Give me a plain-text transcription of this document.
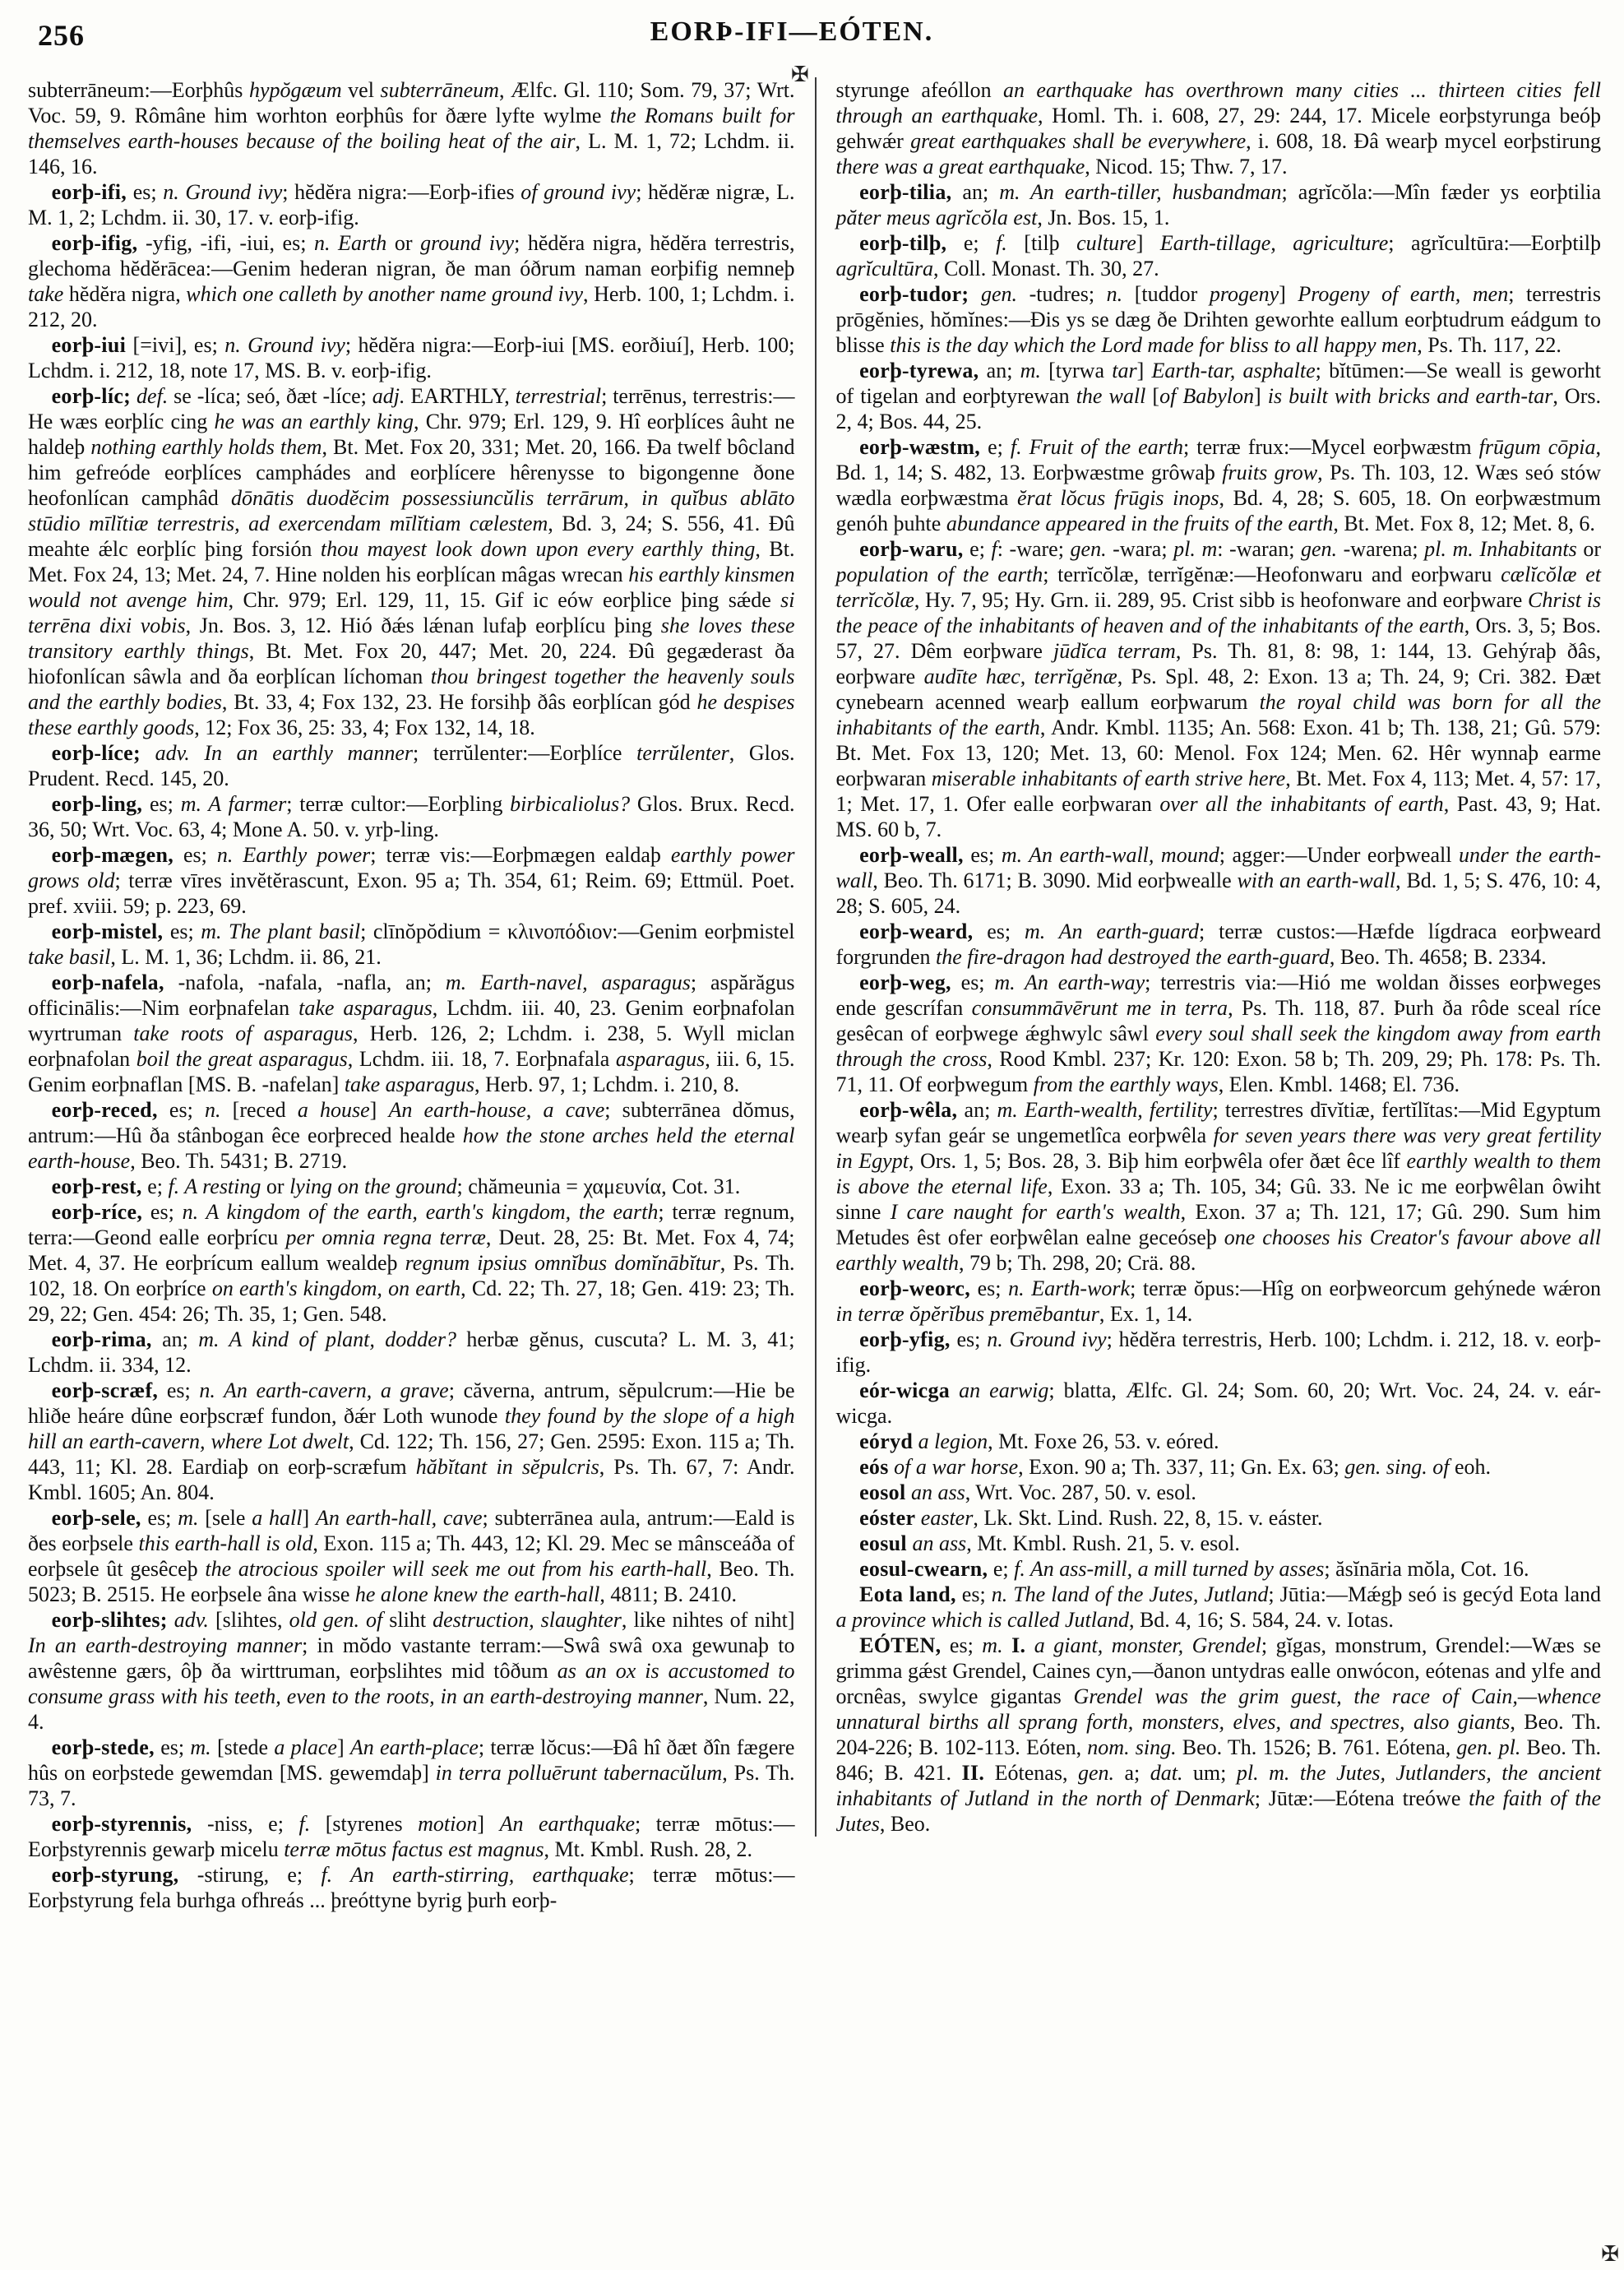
256	EORÞ-IFI—EÓTEN.
✠

subterrāneum:—Eorþhûs hypŏgæum vel subterrāneum, Ælfc. Gl. 110; Som. 79, 37; Wrt. Voc. 59, 9. Rômâne him worhton eorþhûs for ðære lyfte wylme the Romans built for themselves earth-houses because of the boiling heat of the air, L. M. 1, 72; Lchdm. ii. 146, 16.

eorþ-ifi, es; n. Ground ivy; hĕdĕra nigra:—Eorþ-ifies of ground ivy; hĕdĕræ nigræ, L. M. 1, 2; Lchdm. ii. 30, 17. v. eorþ-ifig.

eorþ-ifig, -yfig, -ifi, -iui, es; n. Earth or ground ivy; hĕdĕra nigra, hĕdĕra terrestris, glechoma hĕdĕrācea:—Genim hederan nigran, ðe man óðrum naman eorþifig nemneþ take hĕdĕra nigra, which one calleth by another name ground ivy, Herb. 100, 1; Lchdm. i. 212, 20.

eorþ-iui [=ivi], es; n. Ground ivy; hĕdĕra nigra:—Eorþ-iui [MS. eorðiuí], Herb. 100; Lchdm. i. 212, 18, note 17, MS. B. v. eorþ-ifig.

eorþ-líc; def. se -líca; seó, ðæt -líce; adj. EARTHLY, terrestrial; terrēnus, terrestris:—He wæs eorþlíc cing he was an earthly king, Chr. 979; Erl. 129, 9. Hî eorþlíces âuht ne haldeþ nothing earthly holds them, Bt. Met. Fox 20, 331; Met. 20, 166. Ða twelf bôcland him gefreóde eorþlíces camphádes and eorþlícere hêrenysse to bigongenne ðone heofonlícan camphâd dōnātis duodĕcim possessiuncŭlis terrārum, in quĭbus ablāto stūdio mīlĭtiæ terrestris, ad exercendam mīlĭtiam cælestem, Bd. 3, 24; S. 556, 41. Ðû meahte ǽlc eorþlíc þing forsión thou mayest look down upon every earthly thing, Bt. Met. Fox 24, 13; Met. 24, 7. Hine nolden his eorþlícan mâgas wrecan his earthly kinsmen would not avenge him, Chr. 979; Erl. 129, 11, 15. Gif ic eów eorþlice þing sǽde si terrēna dixi vobis, Jn. Bos. 3, 12. Hió ðǽs lǽnan lufaþ eorþlícu þing she loves these transitory earthly things, Bt. Met. Fox 20, 447; Met. 20, 224. Ðû gegæderast ða hiofonlícan sâwla and ða eorþlícan líchoman thou bringest together the heavenly souls and the earthly bodies, Bt. 33, 4; Fox 132, 23. He forsihþ ðâs eorþlícan gód he despises these earthly goods, 12; Fox 36, 25: 33, 4; Fox 132, 14, 18.

eorþ-líce; adv. In an earthly manner; terrŭlenter:—Eorþlíce terrŭlenter, Glos. Prudent. Recd. 145, 20.

eorþ-ling, es; m. A farmer; terræ cultor:—Eorþling birbicaliolus? Glos. Brux. Recd. 36, 50; Wrt. Voc. 63, 4; Mone A. 50. v. yrþ-ling.

eorþ-mægen, es; n. Earthly power; terræ vis:—Eorþmægen ealdaþ earthly power grows old; terræ vīres invĕtĕrascunt, Exon. 95 a; Th. 354, 61; Reim. 69; Ettmül. Poet. pref. xviii. 59; p. 223, 69.

eorþ-mistel, es; m. The plant basil; clīnŏpŏdium = κλινοπόδιον:—Genim eorþmistel take basil, L. M. 1, 36; Lchdm. ii. 86, 21.

eorþ-nafela, -nafola, -nafala, -nafla, an; m. Earth-navel, asparagus; aspărăgus officinālis:—Nim eorþnafelan take asparagus, Lchdm. iii. 40, 23. Genim eorþnafolan wyrtruman take roots of asparagus, Herb. 126, 2; Lchdm. i. 238, 5. Wyll miclan eorþnafolan boil the great asparagus, Lchdm. iii. 18, 7. Eorþnafala asparagus, iii. 6, 15. Genim eorþnaflan [MS. B. -nafelan] take asparagus, Herb. 97, 1; Lchdm. i. 210, 8.

eorþ-reced, es; n. [reced a house] An earth-house, a cave; subterrānea dŏmus, antrum:—Hû ða stânbogan êce eorþreced healde how the stone arches held the eternal earth-house, Beo. Th. 5431; B. 2719.

eorþ-rest, e; f. A resting or lying on the ground; chămeunia = χαμευνία, Cot. 31.

eorþ-ríce, es; n. A kingdom of the earth, earth's kingdom, the earth; terræ regnum, terra:—Geond ealle eorþrícu per omnia regna terræ, Deut. 28, 25: Bt. Met. Fox 4, 74; Met. 4, 37. He eorþrícum eallum wealdeþ regnum ipsius omnĭbus domĭnābĭtur, Ps. Th. 102, 18. On eorþríce on earth's kingdom, on earth, Cd. 22; Th. 27, 18; Gen. 419: 23; Th. 29, 22; Gen. 454: 26; Th. 35, 1; Gen. 548.

eorþ-rima, an; m. A kind of plant, dodder? herbæ gĕnus, cuscuta? L. M. 3, 41; Lchdm. ii. 334, 12.

eorþ-scræf, es; n. An earth-cavern, a grave; căverna, antrum, sĕpulcrum:—Hie be hliðe heáre dûne eorþscræf fundon, ðǽr Loth wunode they found by the slope of a high hill an earth-cavern, where Lot dwelt, Cd. 122; Th. 156, 27; Gen. 2595: Exon. 115 a; Th. 443, 11; Kl. 28. Eardiaþ on eorþ-scræfum hăbĭtant in sĕpulcris, Ps. Th. 67, 7: Andr. Kmbl. 1605; An. 804.

eorþ-sele, es; m. [sele a hall] An earth-hall, cave; subterrānea aula, antrum:—Eald is ðes eorþsele this earth-hall is old, Exon. 115 a; Th. 443, 12; Kl. 29. Mec se mânsceáða of eorþsele ût gesêceþ the atrocious spoiler will seek me out from his earth-hall, Beo. Th. 5023; B. 2515. He eorþsele âna wisse he alone knew the earth-hall, 4811; B. 2410.

eorþ-slihtes; adv. [slihtes, old gen. of sliht destruction, slaughter, like nihtes of niht] In an earth-destroying manner; in mŏdo vastante terram:—Swâ swâ oxa gewunaþ to awêstenne gærs, ôþ ða wirttruman, eorþslihtes mid tôðum as an ox is accustomed to consume grass with his teeth, even to the roots, in an earth-destroying manner, Num. 22, 4.

eorþ-stede, es; m. [stede a place] An earth-place; terræ lŏcus:—Ðâ hî ðæt ðîn fægere hûs on eorþstede gewemdan [MS. gewemdaþ] in terra polluērunt tabernacŭlum, Ps. Th. 73, 7.

eorþ-styrennis, -niss, e; f. [styrenes motion] An earthquake; terræ mōtus:—Eorþstyrennis gewarþ micelu terræ mōtus factus est magnus, Mt. Kmbl. Rush. 28, 2.

eorþ-styrung, -stirung, e; f. An earth-stirring, earthquake; terræ mōtus:—Eorþstyrung fela burhga ofhreás ... þreóttyne byrig þurh eorþ-

styrunge afeóllon an earthquake has overthrown many cities ... thirteen cities fell through an earthquake, Homl. Th. i. 608, 27, 29: 244, 17. Micele eorþstyrunga beóþ gehwǽr great earthquakes shall be everywhere, i. 608, 18. Ðâ wearþ mycel eorþstirung there was a great earthquake, Nicod. 15; Thw. 7, 17.

eorþ-tilia, an; m. An earth-tiller, husbandman; agrĭcŏla:—Mîn fæder ys eorþtilia păter meus agrĭcŏla est, Jn. Bos. 15, 1.

eorþ-tilþ, e; f. [tilþ culture] Earth-tillage, agriculture; agrĭcultūra:—Eorþtilþ agrĭcultūra, Coll. Monast. Th. 30, 27.

eorþ-tudor; gen. -tudres; n. [tuddor progeny] Progeny of earth, men; terrestris prōgĕnies, hŏmĭnes:—Ðis ys se dæg ðe Drihten geworhte eallum eorþtudrum eádgum to blisse this is the day which the Lord made for bliss to all happy men, Ps. Th. 117, 22.

eorþ-tyrewa, an; m. [tyrwa tar] Earth-tar, asphalte; bĭtūmen:—Se weall is geworht of tigelan and eorþtyrewan the wall [of Babylon] is built with bricks and earth-tar, Ors. 2, 4; Bos. 44, 25.

eorþ-wæstm, e; f. Fruit of the earth; terræ frux:—Mycel eorþwæstm frūgum cōpia, Bd. 1, 14; S. 482, 13. Eorþwæstme grôwaþ fruits grow, Ps. Th. 103, 12. Wæs seó stów wædla eorþwæstma ĕrat lŏcus frūgis inops, Bd. 4, 28; S. 605, 18. On eorþwæstmum genóh þuhte abundance appeared in the fruits of the earth, Bt. Met. Fox 8, 12; Met. 8, 6.

eorþ-waru, e; f: -ware; gen. -wara; pl. m: -waran; gen. -warena; pl. m. Inhabitants or population of the earth; terrĭcŏlæ, terrĭgĕnæ:—Heofonwaru and eorþwaru cælĭcŏlæ et terrĭcŏlæ, Hy. 7, 95; Hy. Grn. ii. 289, 95. Crist sibb is heofonware and eorþware Christ is the peace of the inhabitants of heaven and of the inhabitants of the earth, Ors. 3, 5; Bos. 57, 27. Dêm eorþware jūdĭca terram, Ps. Th. 81, 8: 98, 1: 144, 13. Gehýraþ ðâs, eorþware audīte hæc, terrĭgĕnæ, Ps. Spl. 48, 2: Exon. 13 a; Th. 24, 9; Cri. 382. Ðæt cynebearn acenned wearþ eallum eorþwarum the royal child was born for all the inhabitants of the earth, Andr. Kmbl. 1135; An. 568: Exon. 41 b; Th. 138, 21; Gû. 579: Bt. Met. Fox 13, 120; Met. 13, 60: Menol. Fox 124; Men. 62. Hêr wynnaþ earme eorþwaran miserable inhabitants of earth strive here, Bt. Met. Fox 4, 113; Met. 4, 57: 17, 1; Met. 17, 1. Ofer ealle eorþwaran over all the inhabitants of earth, Past. 43, 9; Hat. MS. 60 b, 7.

eorþ-weall, es; m. An earth-wall, mound; agger:—Under eorþweall under the earth-wall, Beo. Th. 6171; B. 3090. Mid eorþwealle with an earth-wall, Bd. 1, 5; S. 476, 10: 4, 28; S. 605, 24.

eorþ-weard, es; m. An earth-guard; terræ custos:—Hæfde lígdraca eorþweard forgrunden the fire-dragon had destroyed the earth-guard, Beo. Th. 4658; B. 2334.

eorþ-weg, es; m. An earth-way; terrestris via:—Hió me woldan ðisses eorþweges ende gescrífan consummāvērunt me in terra, Ps. Th. 118, 87. Þurh ða rôde sceal ríce gesêcan of eorþwege ǽghwylc sâwl every soul shall seek the kingdom away from earth through the cross, Rood Kmbl. 237; Kr. 120: Exon. 58 b; Th. 209, 29; Ph. 178: Ps. Th. 71, 11. Of eorþwegum from the earthly ways, Elen. Kmbl. 1468; El. 736.

eorþ-wêla, an; m. Earth-wealth, fertility; terrestres dīvĭtiæ, fertĭlĭtas:—Mid Egyptum wearþ syfan geár se ungemetlîca eorþwêla for seven years there was very great fertility in Egypt, Ors. 1, 5; Bos. 28, 3. Biþ him eorþwêla ofer ðæt êce lîf earthly wealth to them is above the eternal life, Exon. 33 a; Th. 105, 34; Gû. 33. Ne ic me eorþwêlan ôwiht sinne I care naught for earth's wealth, Exon. 37 a; Th. 121, 17; Gû. 290. Sum him Metudes êst ofer eorþwêlan ealne geceóseþ one chooses his Creator's favour above all earthly wealth, 79 b; Th. 298, 20; Crä. 88.

eorþ-weorc, es; n. Earth-work; terræ ŏpus:—Hîg on eorþweorcum gehýnede wǽron in terræ ŏpĕrĭbus premēbantur, Ex. 1, 14.

eorþ-yfig, es; n. Ground ivy; hĕdĕra terrestris, Herb. 100; Lchdm. i. 212, 18. v. eorþ-ifig.

eór-wicga an earwig; blatta, Ælfc. Gl. 24; Som. 60, 20; Wrt. Voc. 24, 24. v. eár-wicga.

eóryd a legion, Mt. Foxe 26, 53. v. eóred.

eós of a war horse, Exon. 90 a; Th. 337, 11; Gn. Ex. 63; gen. sing. of eoh.

eosol an ass, Wrt. Voc. 287, 50. v. esol.

eóster easter, Lk. Skt. Lind. Rush. 22, 8, 15. v. eáster.

eosul an ass, Mt. Kmbl. Rush. 21, 5. v. esol.

eosul-cwearn, e; f. An ass-mill, a mill turned by asses; ăsĭnāria mŏla, Cot. 16.

Eota land, es; n. The land of the Jutes, Jutland; Jūtia:—Mǽgþ seó is gecýd Eota land a province which is called Jutland, Bd. 4, 16; S. 584, 24. v. Iotas.

EÓTEN, es; m. I. a giant, monster, Grendel; gĭgas, monstrum, Grendel:—Wæs se grimma gǽst Grendel, Caines cyn,—ðanon untydras ealle onwócon, eótenas and ylfe and orcnêas, swylce gigantas Grendel was the grim guest, the race of Cain,—whence unnatural births all sprang forth, monsters, elves, and spectres, also giants, Beo. Th. 204-226; B. 102-113. Eóten, nom. sing. Beo. Th. 1526; B. 761. Eótena, gen. pl. Beo. Th. 846; B. 421. II. Eótenas, gen. a; dat. um; pl. m. the Jutes, Jutlanders, the ancient inhabitants of Jutland in the north of Denmark; Jūtæ:—Eótena treówe the faith of the Jutes, Beo.

✠
